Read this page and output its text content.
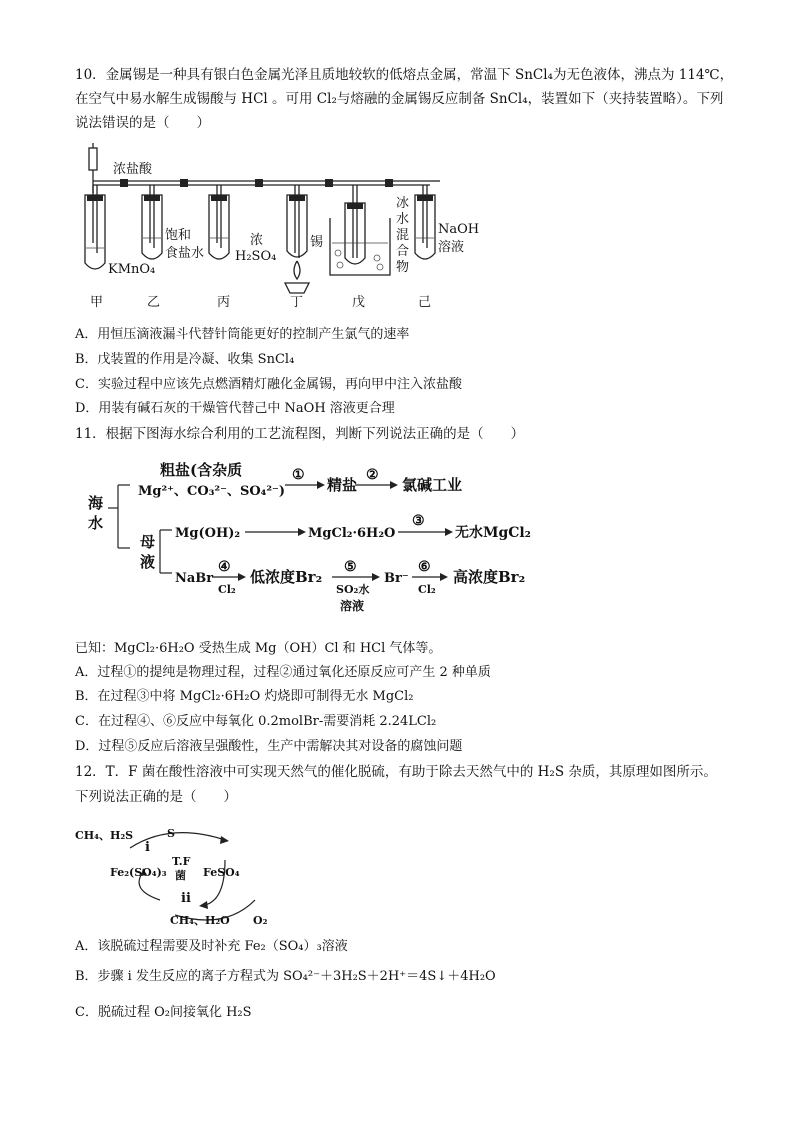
10．金属锡是一种具有银白色金属光泽且质地较软的低熔点金属，常温下 SnCl₄为无色液体，沸点为 114℃，
在空气中易水解生成锡酸与 HCl 。可用 Cl₂与熔融的金属锡反应制备 SnCl₄，装置如下（夹持装置略）。下列
说法错误的是（　　）
浓盐酸
KMnO₄
饱和
食盐水
浓
H₂SO₄
锡
冰
水
混
合
物
NaOH
溶液
甲	乙	丙	丁	戊	己
A．用恒压滴液漏斗代替针筒能更好的控制产生氯气的速率
B．戊装置的作用是冷凝、收集 SnCl₄
C．实验过程中应该先点燃酒精灯融化金属锡，再向甲中注入浓盐酸
D．用装有碱石灰的干燥管代替己中 NaOH 溶液更合理
11．根据下图海水综合利用的工艺流程图，判断下列说法正确的是（　　）
海
水
粗盐(含杂质
Mg²⁺、CO₃²⁻、SO₄²⁻)
①
精盐
②
氯碱工业
母
液
Mg(OH)₂	MgCl₂·6H₂O
③
无水MgCl₂
NaBr
④
Cl₂
低浓度Br₂
⑤
SO₂水
溶液
Br⁻
⑥
Cl₂
高浓度Br₂
已知：MgCl₂·6H₂O 受热生成 Mg（OH）Cl 和 HCl 气体等。
A．过程①的提纯是物理过程，过程②通过氧化还原反应可产生 2 种单质
B．在过程③中将 MgCl₂·6H₂O 灼烧即可制得无水 MgCl₂
C．在过程④、⑥反应中每氧化 0.2molBr-需要消耗 2.24LCl₂
D．过程⑤反应后溶液呈强酸性，生产中需解决其对设备的腐蚀问题
12．T．F 菌在酸性溶液中可实现天然气的催化脱硫，有助于除去天然气中的 H₂S 杂质，其原理如图所示。
下列说法正确的是（　　）
CH₄、H₂S
i
S
T.F
菌
Fe₂(SO₄)₃	FeSO₄
ii
CH₄、H₂O O₂
A．该脱硫过程需要及时补充 Fe₂（SO₄）₃溶液
B．步骤 i 发生反应的离子方程式为 SO₄²⁻＋3H₂S＋2H⁺＝4S↓＋4H₂O
C．脱硫过程 O₂间接氧化 H₂S
